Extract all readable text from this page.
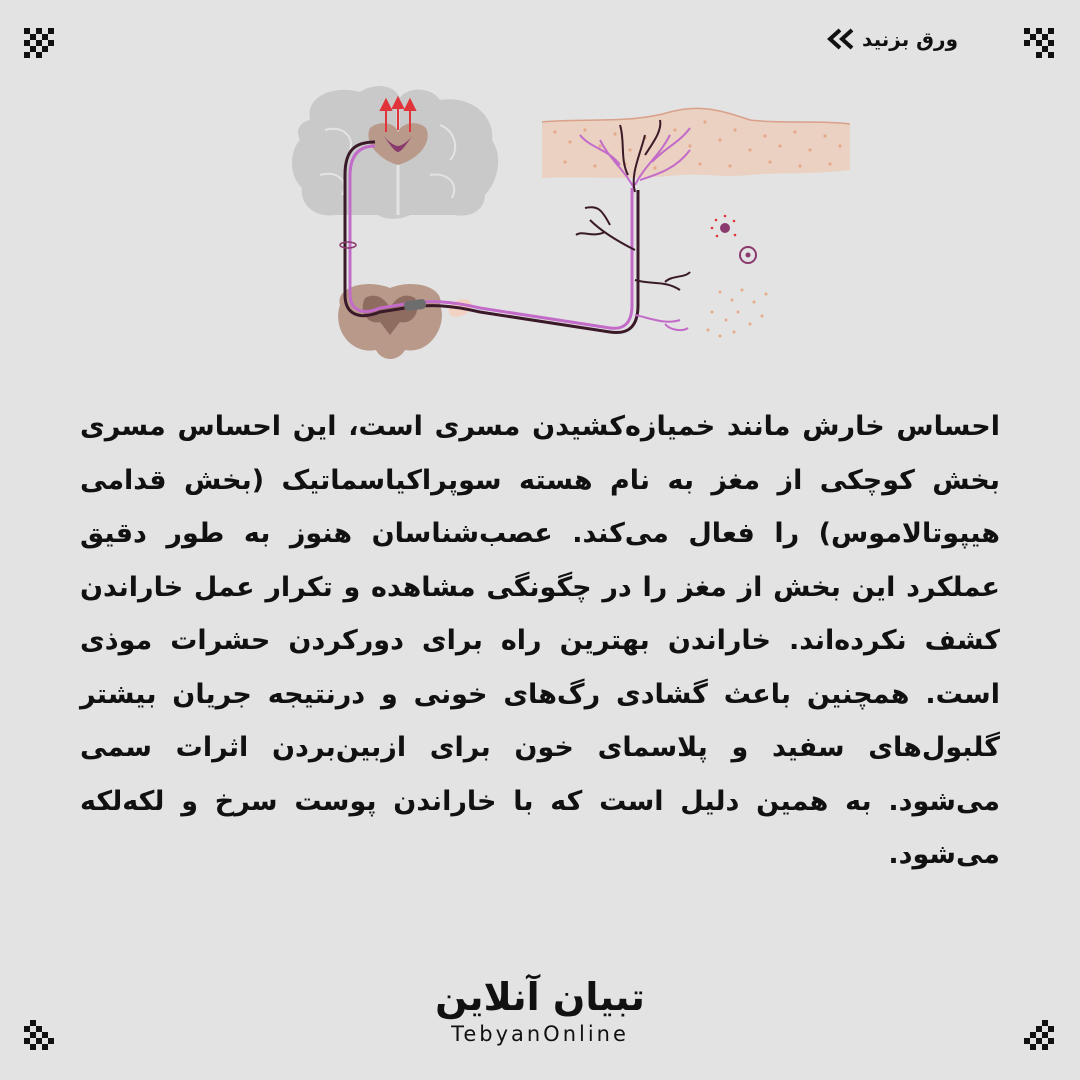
ورق بزنید
احساس خارش مانند خمیازه‌کشیدن مسری است، این احساس مسری بخش کوچکی از مغز به نام هسته سوپراکیاسماتیک (بخش قدامی هیپوتالاموس) را فعال می‌کند. عصب‌شناسان هنوز به طور دقیق عملکرد این بخش از مغز را در چگونگی مشاهده و تکرار عمل خاراندن کشف نکرده‌اند. خاراندن بهترین راه برای دورکردن حشرات موذی است. همچنین باعث گشادی رگ‌های خونی و درنتیجه جریان بیشتر گلبول‌های سفید و پلاسمای خون برای ازبین‌بردن اثرات سمی می‌شود. به همین دلیل است که با خاراندن پوست سرخ و لکه‌لکه می‌شود.
تبیان آنلاین
TebyanOnline
